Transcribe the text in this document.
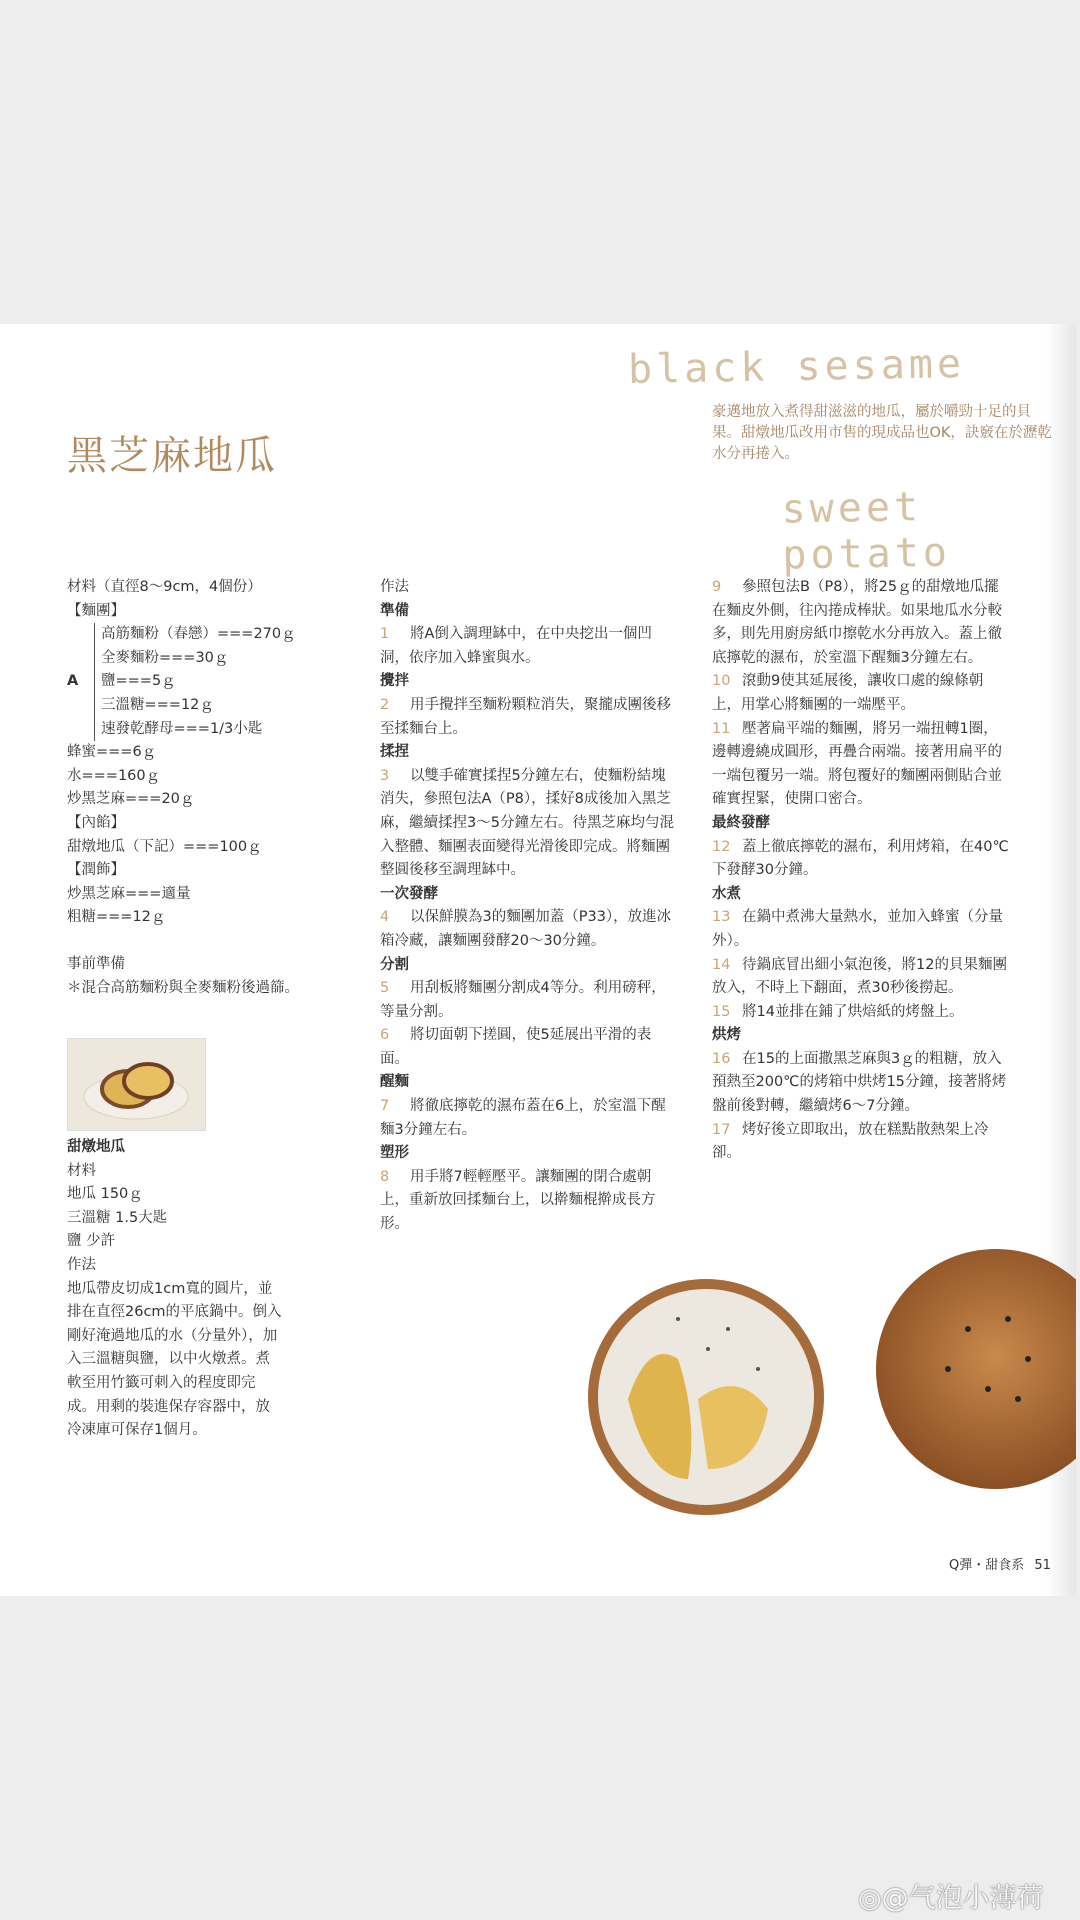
black sesame
黑芝麻地瓜
豪邁地放入煮得甜滋滋的地瓜，屬於嚼勁十足的貝果。甜燉地瓜改用市售的現成品也OK，訣竅在於瀝乾水分再捲入。
sweet potato
材料（直徑8～9cm，4個份）
【麵團】
A
高筋麵粉（春戀）===270ｇ
全麥麵粉===30ｇ
鹽===5ｇ
三溫糖===12ｇ
速發乾酵母===1/3小匙
蜂蜜===6ｇ
水===160ｇ
炒黑芝麻===20ｇ
【內餡】
甜燉地瓜（下記）===100ｇ
【潤飾】
炒黑芝麻===適量
粗糖===12ｇ
事前準備
＊混合高筋麵粉與全麥麵粉後過篩。
甜燉地瓜
材料
地瓜 150ｇ
三溫糖 1.5大匙
鹽 少許
作法
地瓜帶皮切成1cm寬的圓片，並排在直徑26cm的平底鍋中。倒入剛好淹過地瓜的水（分量外），加入三溫糖與鹽，以中火燉煮。煮軟至用竹籤可刺入的程度即完成。用剩的裝進保存容器中，放冷凍庫可保存1個月。
作法
準備
1 將A倒入調理缽中，在中央挖出一個凹洞，依序加入蜂蜜與水。
攪拌
2 用手攪拌至麵粉顆粒消失，聚攏成團後移至揉麵台上。
揉捏
3 以雙手確實揉捏5分鐘左右，使麵粉結塊消失，參照包法A（P8），揉好8成後加入黑芝麻，繼續揉捏3～5分鐘左右。待黑芝麻均勻混入整體、麵團表面變得光滑後即完成。將麵團整圓後移至調理缽中。
一次發酵
4 以保鮮膜為3的麵團加蓋（P33），放進冰箱冷藏，讓麵團發酵20～30分鐘。
分割
5 用刮板將麵團分割成4等分。利用磅秤，等量分割。
6 將切面朝下搓圓，使5延展出平滑的表面。
醒麵
7 將徹底擰乾的濕布蓋在6上，於室溫下醒麵3分鐘左右。
塑形
8 用手將7輕輕壓平。讓麵團的閉合處朝上，重新放回揉麵台上，以擀麵棍擀成長方形。
9 參照包法B（P8），將25ｇ的甜燉地瓜擺在麵皮外側，往內捲成棒狀。如果地瓜水分較多，則先用廚房紙巾擦乾水分再放入。蓋上徹底擰乾的濕布，於室溫下醒麵3分鐘左右。
10 滾動9使其延展後，讓收口處的線條朝上，用掌心將麵團的一端壓平。
11 壓著扁平端的麵團，將另一端扭轉1圈，邊轉邊繞成圓形，再疊合兩端。接著用扁平的一端包覆另一端。將包覆好的麵團兩側貼合並確實捏緊，使開口密合。
最終發酵
12 蓋上徹底擰乾的濕布，利用烤箱，在40℃下發酵30分鐘。
水煮
13 在鍋中煮沸大量熱水，並加入蜂蜜（分量外）。
14 待鍋底冒出細小氣泡後，將12的貝果麵團放入，不時上下翻面，煮30秒後撈起。
15 將14並排在鋪了烘焙紙的烤盤上。
烘烤
16 在15的上面撒黑芝麻與3ｇ的粗糖，放入預熱至200℃的烤箱中烘烤15分鐘，接著將烤盤前後對轉，繼續烤6～7分鐘。
17 烤好後立即取出，放在糕點散熱架上冷卻。
Q彈・甜食系 51
◎@气泡小薄荷
